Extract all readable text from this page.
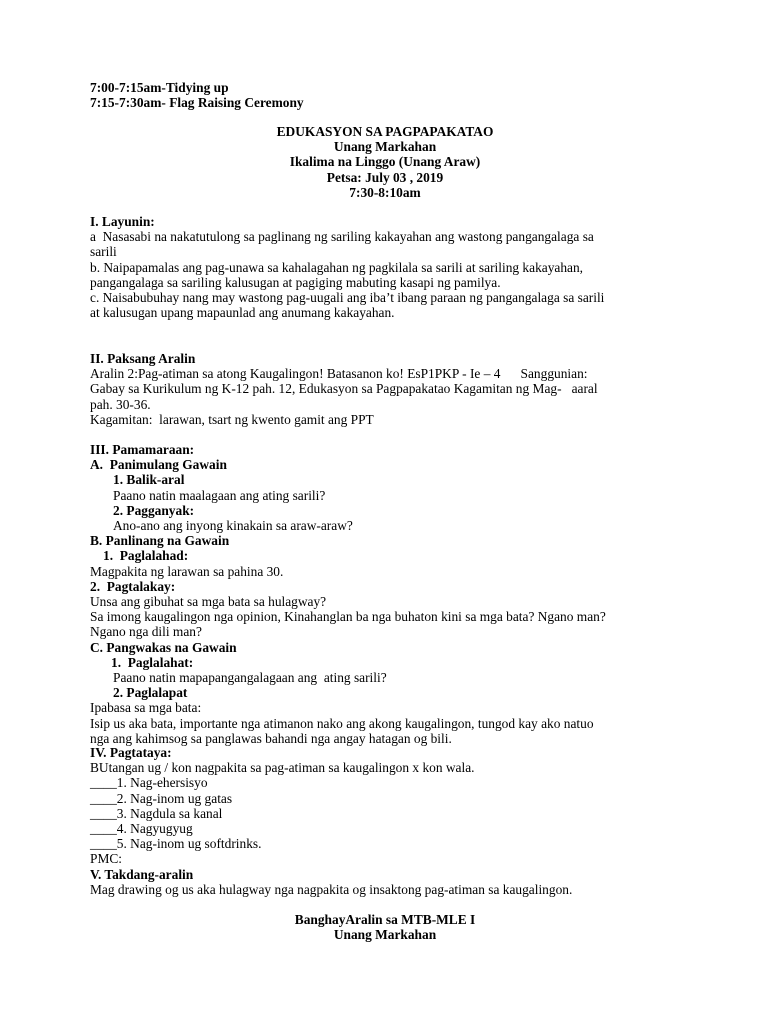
7:00-7:15am-Tidying up

7:15-7:30am- Flag Raising Ceremony

EDUKASYON SA PAGPAPAKATAO

Unang Markahan

Ikalima na Linggo (Unang Araw)

Petsa: July 03 , 2019

7:30-8:10am

I. Layunin:

a  Nasasabi na nakatutulong sa paglinang ng sariling kakayahan ang wastong pangangalaga sa

sarili

b. Naipapamalas ang pag-unawa sa kahalagahan ng pagkilala sa sarili at sariling kakayahan,

pangangalaga sa sariling kalusugan at pagiging mabuting kasapi ng pamilya.

c. Naisabubuhay nang may wastong pag-uugali ang iba’t ibang paraan ng pangangalaga sa sarili

at kalusugan upang mapaunlad ang anumang kakayahan.

II. Paksang Aralin

Aralin 2:Pag-atiman sa atong Kaugalingon! Batasanon ko! EsP1PKP - Ie – 4      Sanggunian:

Gabay sa Kurikulum ng K-12 pah. 12, Edukasyon sa Pagpapakatao Kagamitan ng Mag-   aaral

pah. 30-36.

Kagamitan:  larawan, tsart ng kwento gamit ang PPT

III. Pamamaraan:

A.  Panimulang Gawain

1. Balik-aral

Paano natin maalagaan ang ating sarili?

2. Pagganyak:

Ano-ano ang inyong kinakain sa araw-araw?

B. Panlinang na Gawain

1.  Paglalahad:

Magpakita ng larawan sa pahina 30.

2.  Pagtalakay:

Unsa ang gibuhat sa mga bata sa hulagway?

Sa imong kaugalingon nga opinion, Kinahanglan ba nga buhaton kini sa mga bata? Ngano man?

Ngano nga dili man?

C. Pangwakas na Gawain

1.  Paglalahat:

Paano natin mapapangangalagaan ang  ating sarili?

2. Paglalapat

Ipabasa sa mga bata:

Isip us aka bata, importante nga atimanon nako ang akong kaugalingon, tungod kay ako natuo

nga ang kahimsog sa panglawas bahandi nga angay hatagan og bili.

IV. Pagtataya:

BUtangan ug / kon nagpakita sa pag-atiman sa kaugalingon x kon wala.

____1. Nag-ehersisyo

____2. Nag-inom ug gatas

____3. Nagdula sa kanal

____4. Nagyugyug

____5. Nag-inom ug softdrinks.

PMC:

V. Takdang-aralin

Mag drawing og us aka hulagway nga nagpakita og insaktong pag-atiman sa kaugalingon.

BanghayAralin sa MTB-MLE I

Unang Markahan
